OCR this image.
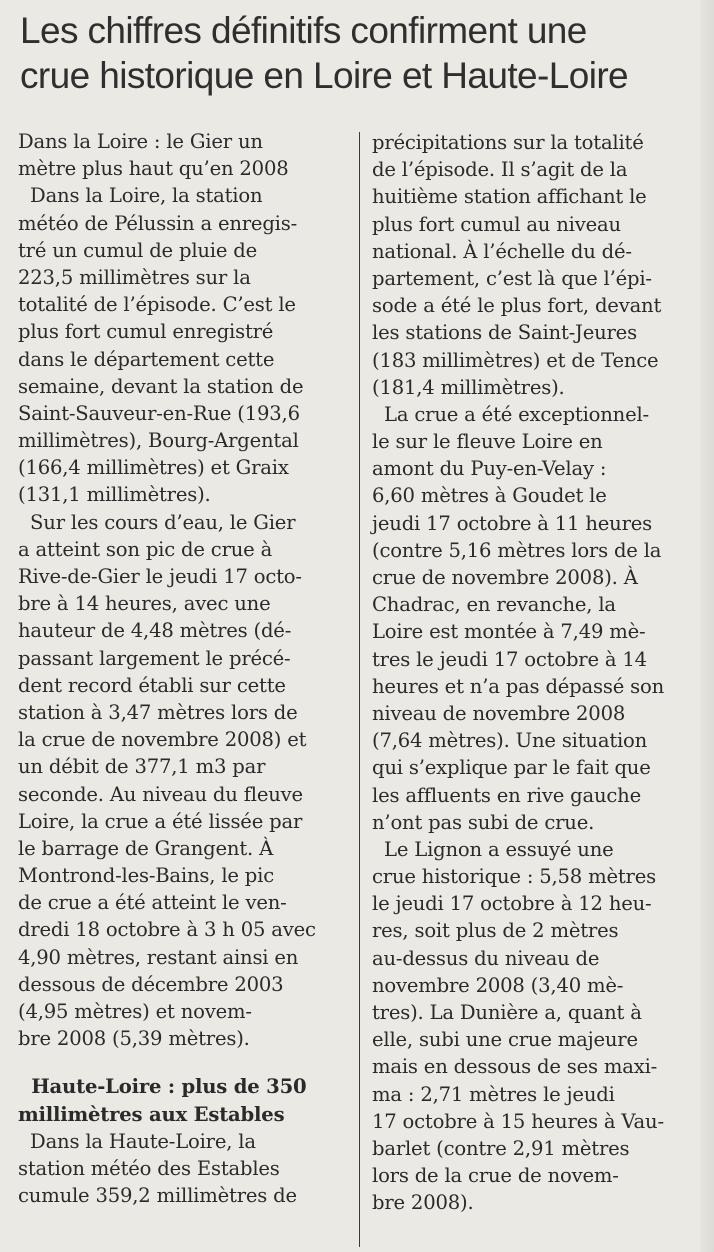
Les chiffres définitifs confirment une
crue historique en Loire et Haute-Loire
Dans la Loire : le Gier un
mètre plus haut qu’en 2008
Dans la Loire, la station
météo de Pélussin a enregis-
tré un cumul de pluie de
223,5 millimètres sur la
totalité de l’épisode. C’est le
plus fort cumul enregistré
dans le département cette
semaine, devant la station de
Saint-Sauveur-en-Rue (193,6
millimètres), Bourg-Argental
(166,4 millimètres) et Graix
(131,1 millimètres).
Sur les cours d’eau, le Gier
a atteint son pic de crue à
Rive-de-Gier le jeudi 17 octo-
bre à 14 heures, avec une
hauteur de 4,48 mètres (dé-
passant largement le précé-
dent record établi sur cette
station à 3,47 mètres lors de
la crue de novembre 2008) et
un débit de 377,1 m3 par
seconde. Au niveau du fleuve
Loire, la crue a été lissée par
le barrage de Grangent. À
Montrond-les-Bains, le pic
de crue a été atteint le ven-
dredi 18 octobre à 3 h 05 avec
4,90 mètres, restant ainsi en
dessous de décembre 2003
(4,95 mètres) et novem-
bre 2008 (5,39 mètres).
Haute-Loire : plus de 350
millimètres aux Estables
Dans la Haute-Loire, la
station météo des Estables
cumule 359,2 millimètres de
précipitations sur la totalité
de l’épisode. Il s’agit de la
huitième station affichant le
plus fort cumul au niveau
national. À l’échelle du dé-
partement, c’est là que l’épi-
sode a été le plus fort, devant
les stations de Saint-Jeures
(183 millimètres) et de Tence
(181,4 millimètres).
La crue a été exceptionnel-
le sur le fleuve Loire en
amont du Puy-en-Velay :
6,60 mètres à Goudet le
jeudi 17 octobre à 11 heures
(contre 5,16 mètres lors de la
crue de novembre 2008). À
Chadrac, en revanche, la
Loire est montée à 7,49 mè-
tres le jeudi 17 octobre à 14
heures et n’a pas dépassé son
niveau de novembre 2008
(7,64 mètres). Une situation
qui s’explique par le fait que
les affluents en rive gauche
n’ont pas subi de crue.
Le Lignon a essuyé une
crue historique : 5,58 mètres
le jeudi 17 octobre à 12 heu-
res, soit plus de 2 mètres
au-dessus du niveau de
novembre 2008 (3,40 mè-
tres). La Dunière a, quant à
elle, subi une crue majeure
mais en dessous de ses maxi-
ma : 2,71 mètres le jeudi
17 octobre à 15 heures à Vau-
barlet (contre 2,91 mètres
lors de la crue de novem-
bre 2008).
